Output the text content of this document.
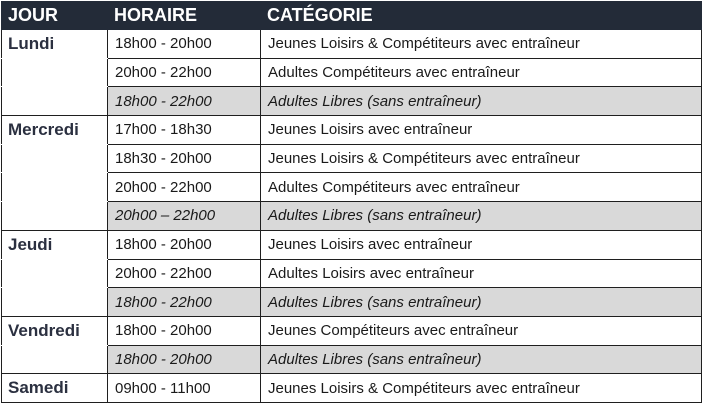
JOUR	HORAIRE	CATÉGORIE
Lundi	18h00 - 20h00	Jeunes Loisirs & Compétiteurs avec entraîneur
	20h00 - 22h00	Adultes Compétiteurs avec entraîneur
	18h00 - 22h00	Adultes Libres (sans entraîneur)
Mercredi	17h00 - 18h30	Jeunes Loisirs avec entraîneur
	18h30 - 20h00	Jeunes Loisirs & Compétiteurs avec entraîneur
	20h00 - 22h00	Adultes Compétiteurs avec entraîneur
	20h00 – 22h00	Adultes Libres (sans entraîneur)
Jeudi	18h00 - 20h00	Jeunes Loisirs avec entraîneur
	20h00 - 22h00	Adultes Loisirs avec entraîneur
	18h00 - 22h00	Adultes Libres (sans entraîneur)
Vendredi	18h00 - 20h00	Jeunes Compétiteurs avec entraîneur
	18h00 - 20h00	Adultes Libres (sans entraîneur)
Samedi	09h00 - 11h00	Jeunes Loisirs & Compétiteurs avec entraîneur
